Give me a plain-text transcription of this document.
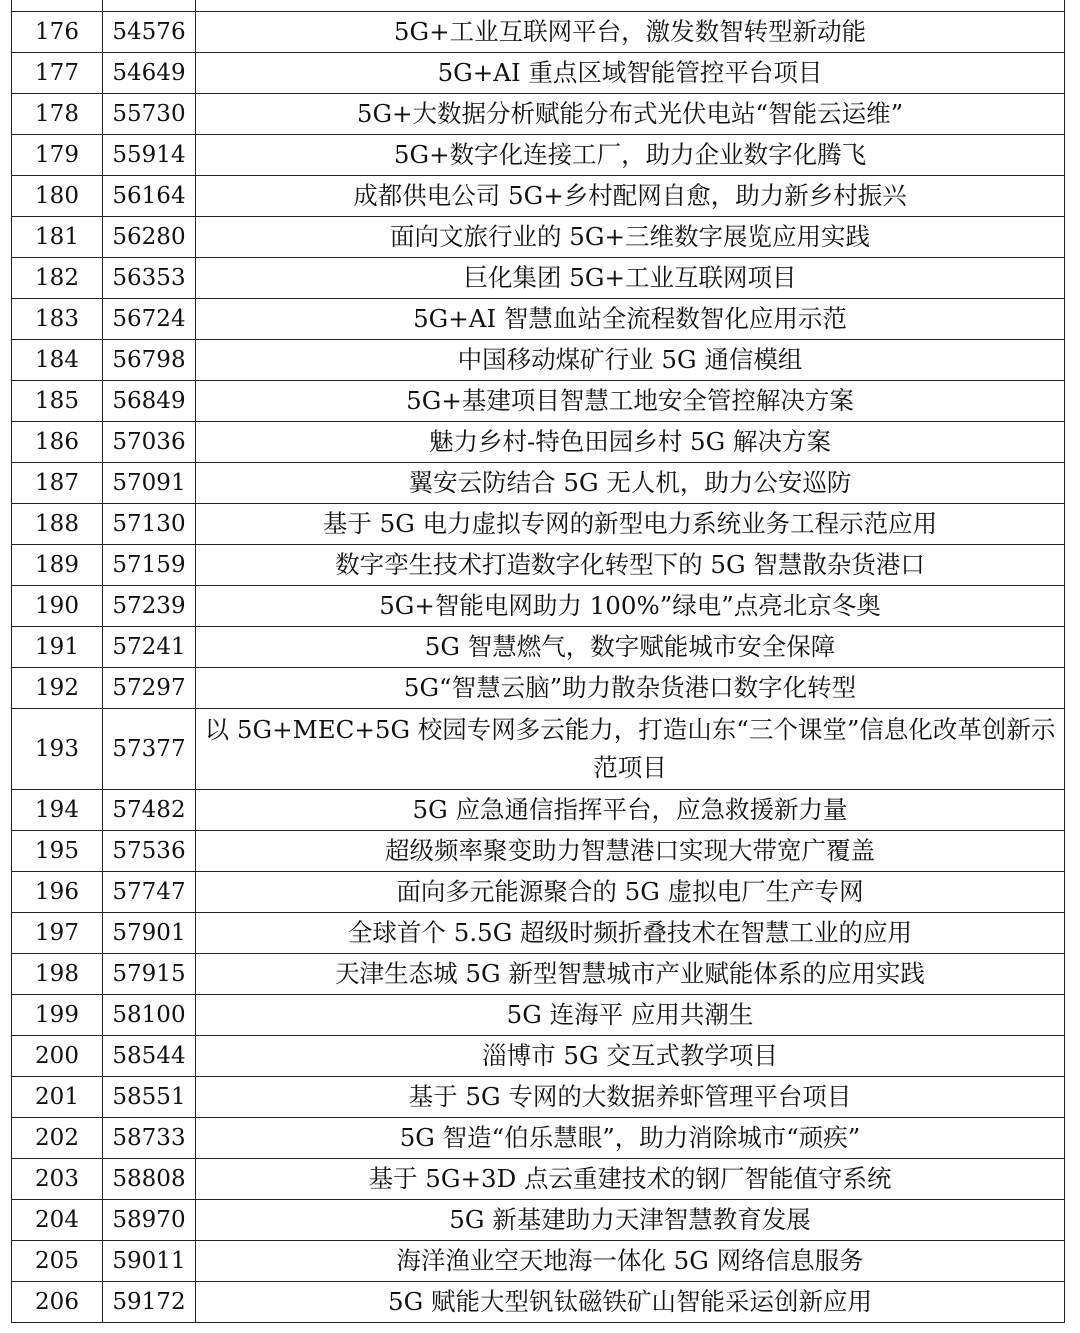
176	54576	5G+工业互联网平台，激发数智转型新动能
177	54649	5G+AI 重点区域智能管控平台项目
178	55730	5G+大数据分析赋能分布式光伏电站“智能云运维”
179	55914	5G+数字化连接工厂，助力企业数字化腾飞
180	56164	成都供电公司 5G+乡村配网自愈，助力新乡村振兴
181	56280	面向文旅行业的 5G+三维数字展览应用实践
182	56353	巨化集团 5G+工业互联网项目
183	56724	5G+AI 智慧血站全流程数智化应用示范
184	56798	中国移动煤矿行业 5G 通信模组
185	56849	5G+基建项目智慧工地安全管控解决方案
186	57036	魅力乡村-特色田园乡村 5G 解决方案
187	57091	翼安云防结合 5G 无人机，助力公安巡防
188	57130	基于 5G 电力虚拟专网的新型电力系统业务工程示范应用
189	57159	数字孪生技术打造数字化转型下的 5G 智慧散杂货港口
190	57239	5G+智能电网助力 100%”绿电”点亮北京冬奥
191	57241	5G 智慧燃气，数字赋能城市安全保障
192	57297	5G“智慧云脑”助力散杂货港口数字化转型
193	57377	以 5G+MEC+5G 校园专网多云能力，打造山东“三个课堂”信息化改革创新示范项目
194	57482	5G 应急通信指挥平台，应急救援新力量
195	57536	超级频率聚变助力智慧港口实现大带宽广覆盖
196	57747	面向多元能源聚合的 5G 虚拟电厂生产专网
197	57901	全球首个 5.5G 超级时频折叠技术在智慧工业的应用
198	57915	天津生态城 5G 新型智慧城市产业赋能体系的应用实践
199	58100	5G 连海平 应用共潮生
200	58544	淄博市 5G 交互式教学项目
201	58551	基于 5G 专网的大数据养虾管理平台项目
202	58733	5G 智造“伯乐慧眼”，助力消除城市“顽疾”
203	58808	基于 5G+3D 点云重建技术的钢厂智能值守系统
204	58970	5G 新基建助力天津智慧教育发展
205	59011	海洋渔业空天地海一体化 5G 网络信息服务
206	59172	5G 赋能大型钒钛磁铁矿山智能采运创新应用
